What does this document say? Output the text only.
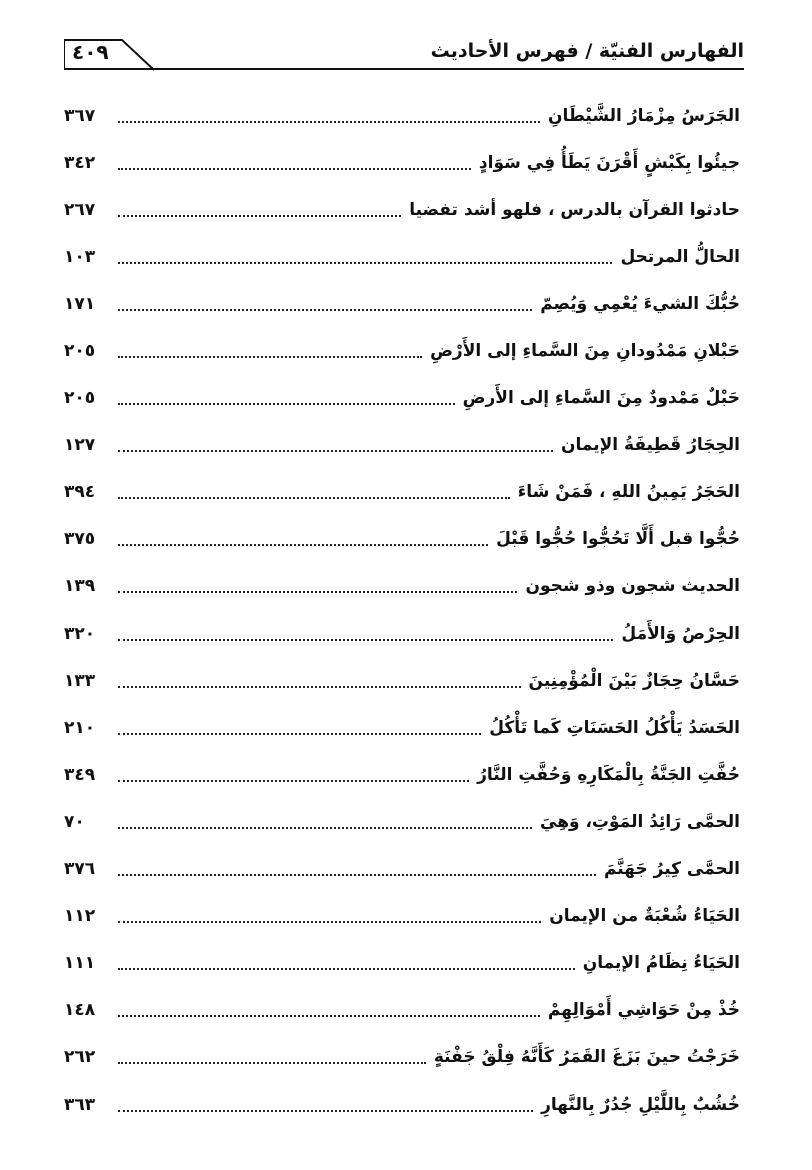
٤٠٩	الفهارس الفنيّة / فهرس الأحاديث
الجَرَسُ مِزْمَارُ الشَّيْطَانِ
٣٦٧
جيئُوا بِكَبْشٍ أَقْرَنَ يَطَأُ فِي سَوَادٍ
٣٤٢
حادثوا القرآن بالدرس ، فلهو أشد تفضيا
٢٦٧
الحالُّ المرتحل
١٠٣
حُبُّكَ الشيءَ يُعْمِي وَيُصِمّ
١٧١
حَبْلانِ مَمْدُودانِ مِنَ السَّماءِ إلى الأَرْضِ
٢٠٥
حَبْلٌ مَمْدودٌ مِنَ السَّماءِ إلى الأَرضِ
٢٠٥
الحِجَارُ قَطِيفَةُ الإيمان
١٢٧
الحَجَرُ يَمِينُ اللهِ ، فَمَنْ شَاءَ
٣٩٤
حُجُّوا قبل أَلَّا تَحُجُّوا حُجُّوا قَبْلَ
٣٧٥
الحديث شجون وذو شجون
١٣٩
الحِرْصُ وَالأَمَلُ
٣٢٠
حَسَّانُ حِجَازٌ بَيْنَ الْمُؤْمِنِينَ
١٣٣
الحَسَدُ يَأْكُلُ الحَسَنَاتِ كَما تَأْكُلُ
٢١٠
حُفَّتِ الجَنَّةُ بِالْمَكَارِهِ وَحُفَّتِ النَّارُ
٣٤٩
الحمَّى رَائِدُ المَوْتِ، وَهِيَ
٧٠
الحمَّى كِيرُ جَهَنَّمَ
٣٧٦
الحَيَاءُ شُعْبَةٌ من الإيمان
١١٢
الحَيَاءُ نِظَامُ الإيمانِ
١١١
خُذْ مِنْ حَوَاشِي أَمْوَالِهِمْ
١٤٨
خَرَجْتُ حينَ بَزَغَ القَمَرُ كَأَنَّهُ فِلْقُ جَفْنَةٍ
٢٦٢
خُشُبٌ بِاللَّيْلِ جُدُرٌ بِالنَّهارِ
٣٦٣
